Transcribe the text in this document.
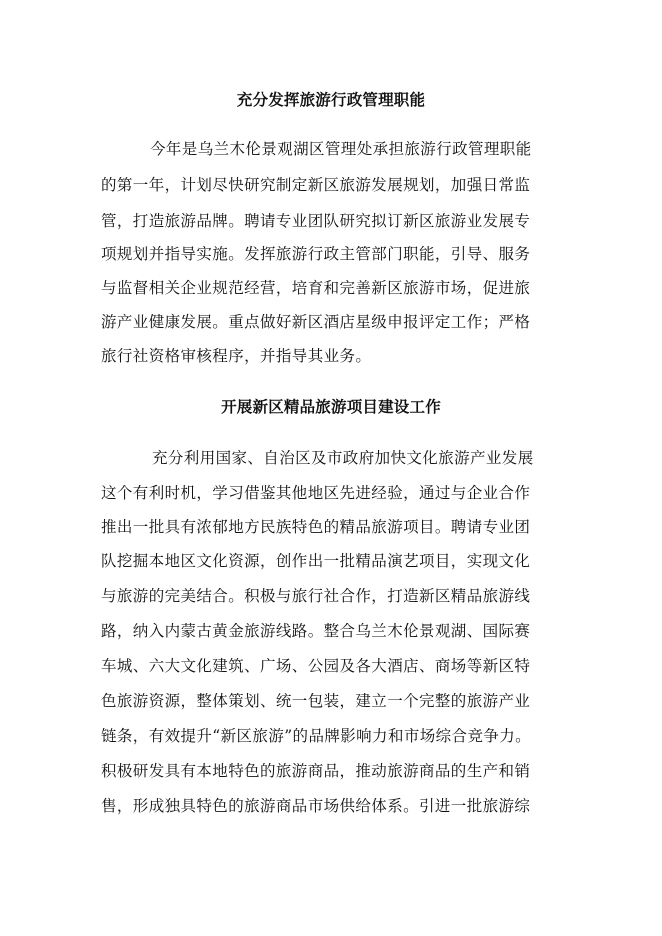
充分发挥旅游行政管理职能
今年是乌兰木伦景观湖区管理处承担旅游行政管理职能
的第一年，计划尽快研究制定新区旅游发展规划，加强日常监
管，打造旅游品牌。聘请专业团队研究拟订新区旅游业发展专
项规划并指导实施。发挥旅游行政主管部门职能，引导、服务
与监督相关企业规范经营，培育和完善新区旅游市场，促进旅
游产业健康发展。重点做好新区酒店星级申报评定工作；严格
旅行社资格审核程序，并指导其业务。
开展新区精品旅游项目建设工作
充分利用国家、自治区及市政府加快文化旅游产业发展
这个有利时机，学习借鉴其他地区先进经验，通过与企业合作
推出一批具有浓郁地方民族特色的精品旅游项目。聘请专业团
队挖掘本地区文化资源，创作出一批精品演艺项目，实现文化
与旅游的完美结合。积极与旅行社合作，打造新区精品旅游线
路，纳入内蒙古黄金旅游线路。整合乌兰木伦景观湖、国际赛
车城、六大文化建筑、广场、公园及各大酒店、商场等新区特
色旅游资源，整体策划、统一包装，建立一个完整的旅游产业
链条，有效提升“新区旅游”的品牌影响力和市场综合竞争力。
积极研发具有本地特色的旅游商品，推动旅游商品的生产和销
售，形成独具特色的旅游商品市场供给体系。引进一批旅游综
